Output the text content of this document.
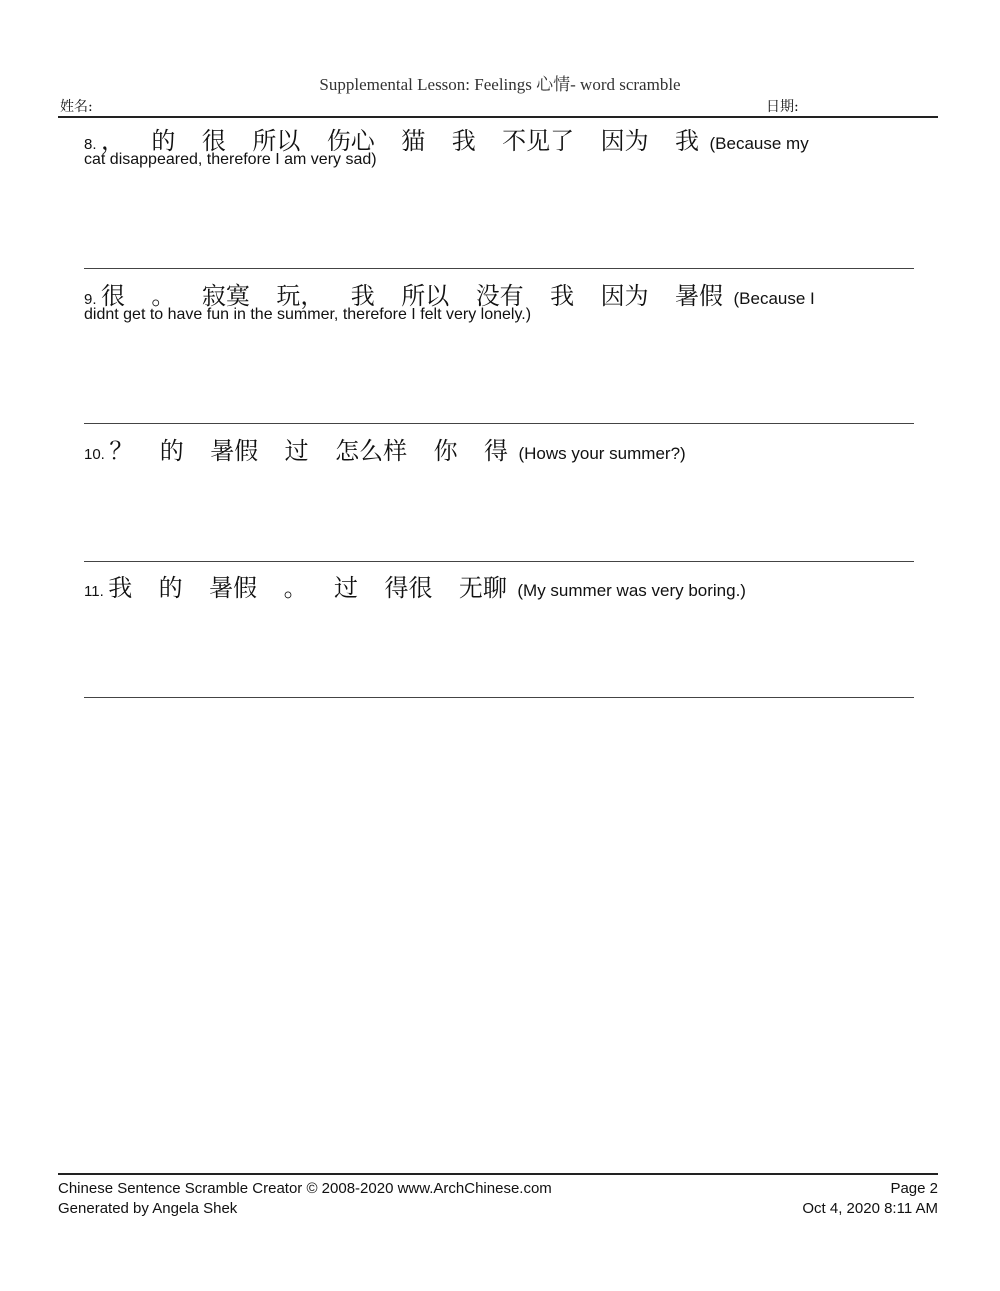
Supplemental Lesson: Feelings 心情- word scramble
姓名:	日期:
8. ， 的 很 所以 伤心 猫 我 不见了 因为 我 (Because my
cat disappeared, therefore I am very sad)
9. 很 。 寂寞 玩， 我 所以 没有 我 因为 暑假 (Because I
didnt get to have fun in the summer, therefore I felt very lonely.)
10. ？ 的 暑假 过 怎么样 你 得 (Hows your summer?)
11. 我 的 暑假 。 过 得很 无聊 (My summer was very boring.)
Chinese Sentence Scramble Creator © 2008-2020 www.ArchChinese.com
Generated by Angela Shek
Page 2
Oct 4, 2020 8:11 AM
